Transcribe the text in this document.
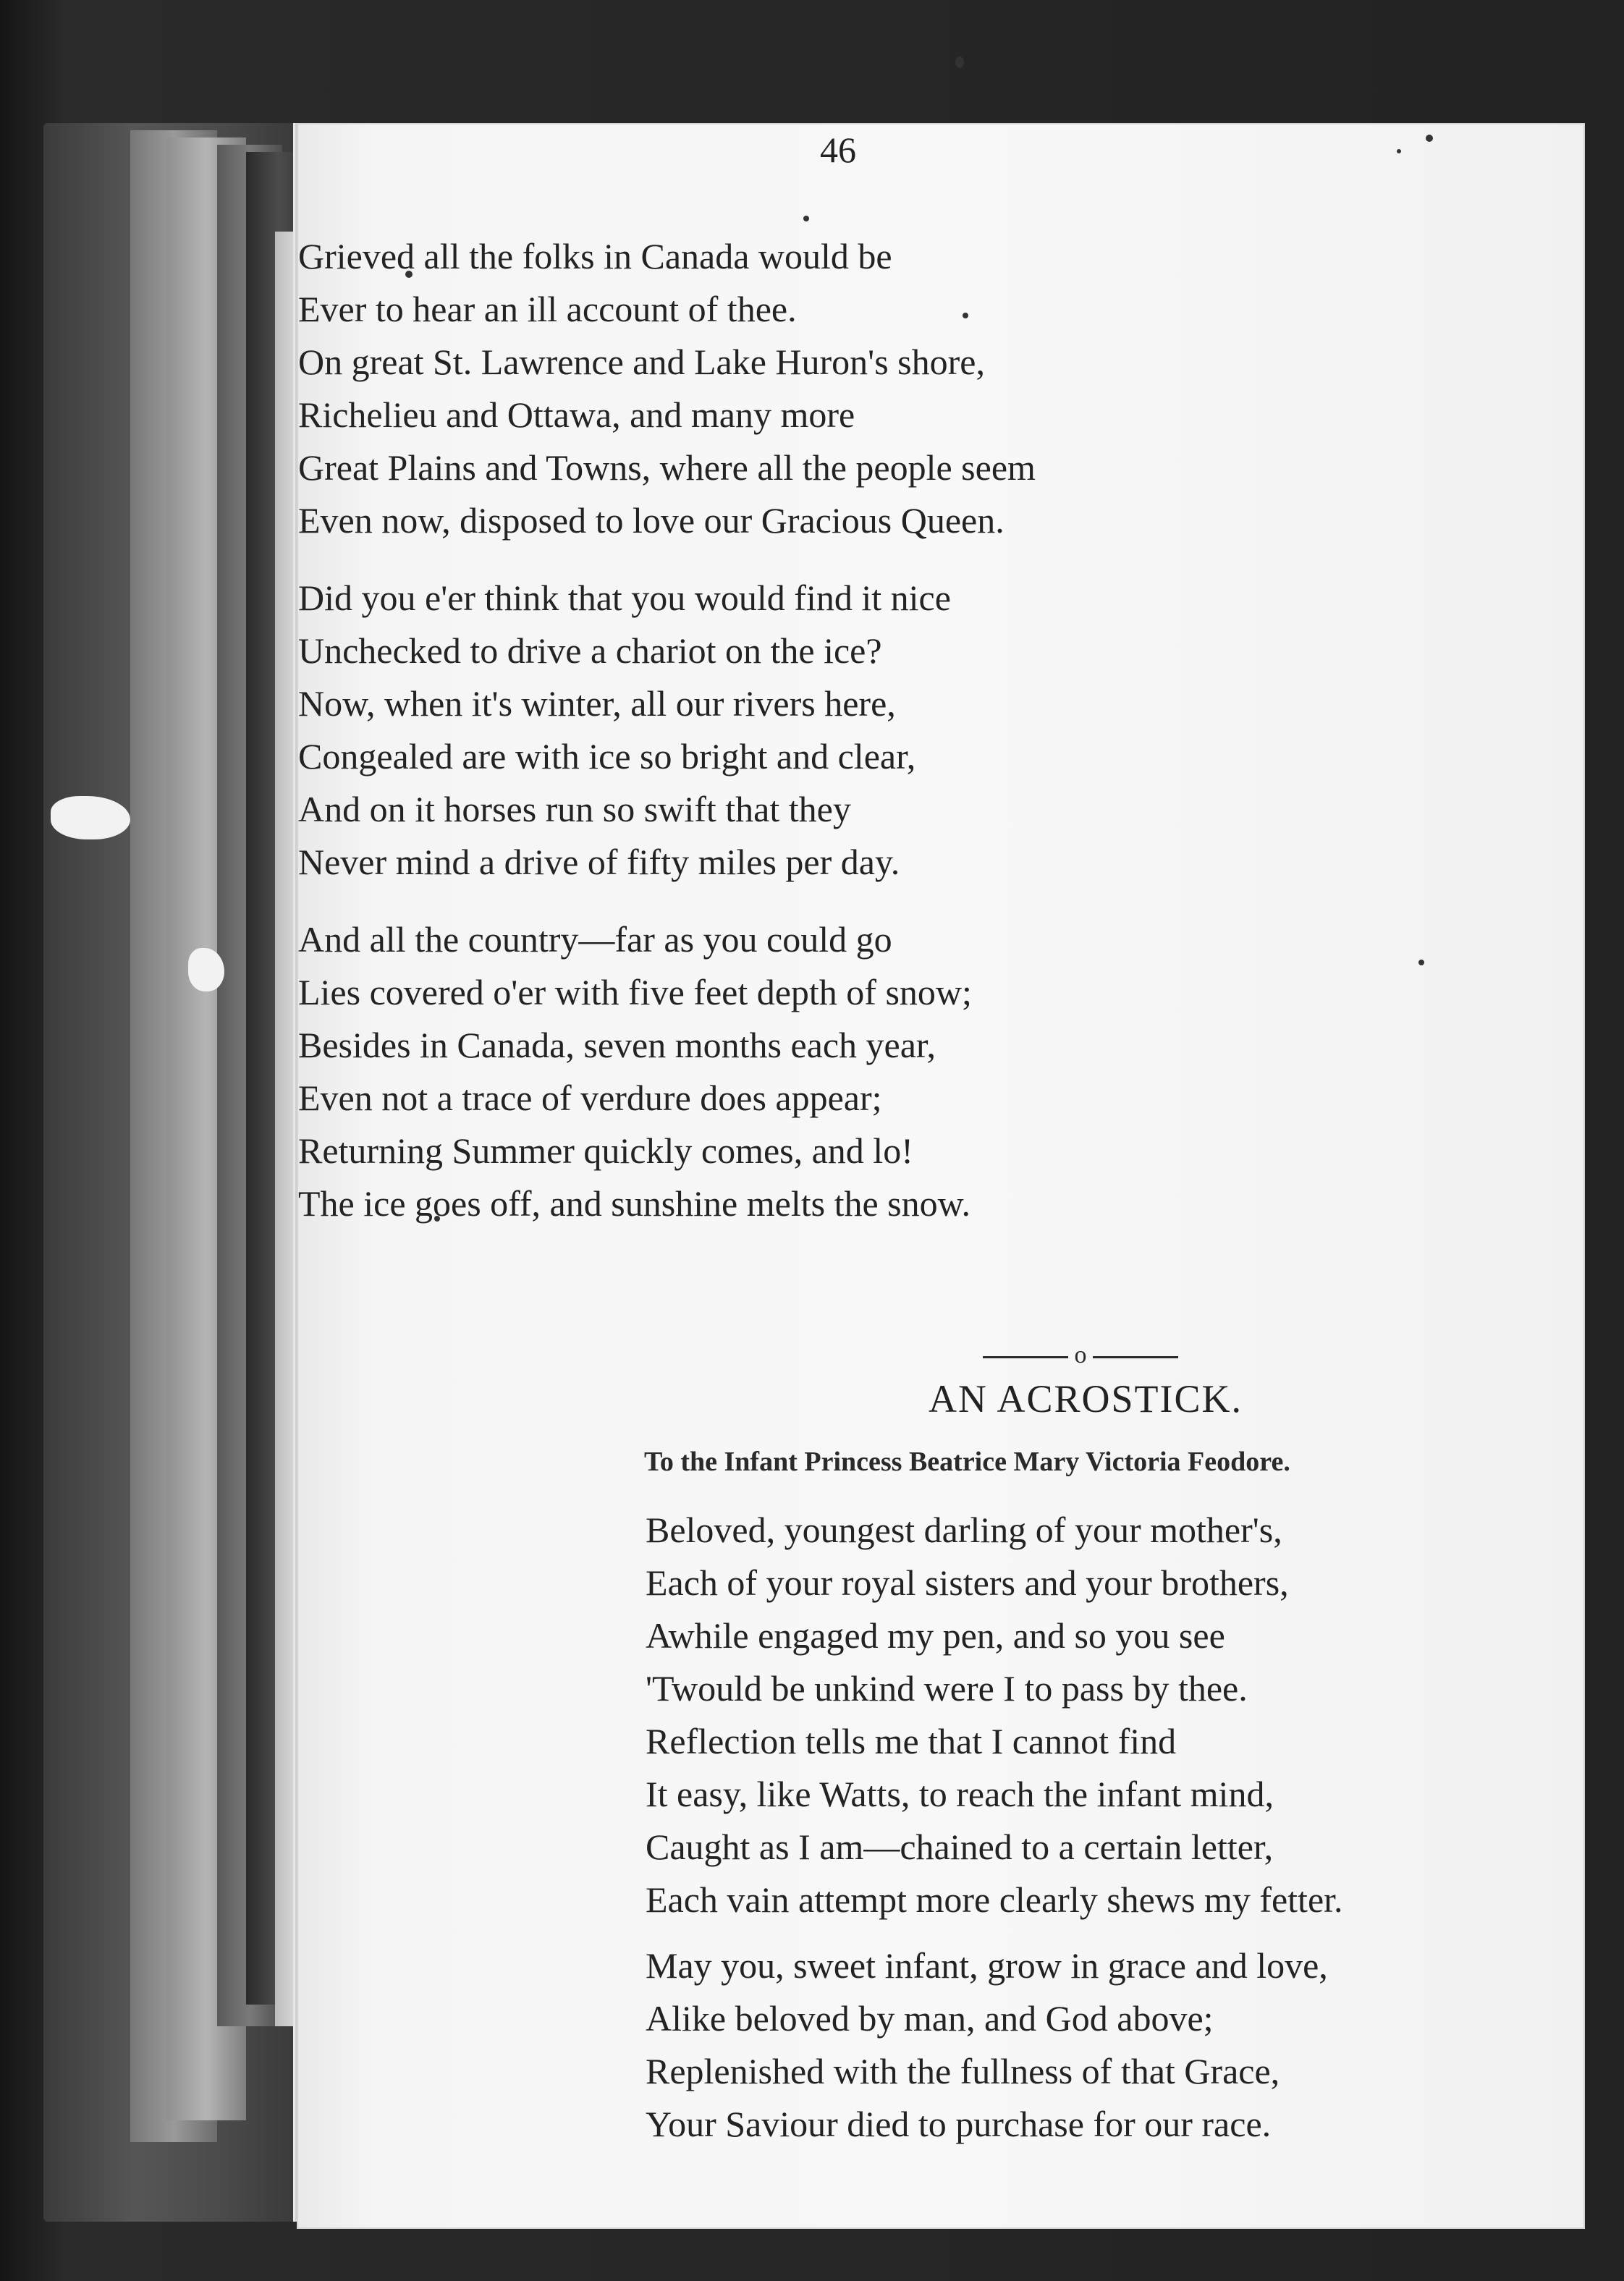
46
Grieved all the folks in Canada would be
Ever to hear an ill account of thee.
On great St. Lawrence and Lake Huron's shore,
Richelieu and Ottawa, and many more
Great Plains and Towns, where all the people seem
Even now, disposed to love our Gracious Queen.
Did you e'er think that you would find it nice
Unchecked to drive a chariot on the ice?
Now, when it's winter, all our rivers here,
Congealed are with ice so bright and clear,
And on it horses run so swift that they
Never mind a drive of fifty miles per day.
And all the country—far as you could go
Lies covered o'er with five feet depth of snow;
Besides in Canada, seven months each year,
Even not a trace of verdure does appear;
Returning Summer quickly comes, and lo!
The ice goes off, and sunshine melts the snow.
o
AN ACROSTICK.
To the Infant Princess Beatrice Mary Victoria Feodore.
Beloved, youngest darling of your mother's,
Each of your royal sisters and your brothers,
Awhile engaged my pen, and so you see
'Twould be unkind were I to pass by thee.
Reflection tells me that I cannot find
It easy, like Watts, to reach the infant mind,
Caught as I am—chained to a certain letter,
Each vain attempt more clearly shews my fetter.
May you, sweet infant, grow in grace and love,
Alike beloved by man, and God above;
Replenished with the fullness of that Grace,
Your Saviour died to purchase for our race.
